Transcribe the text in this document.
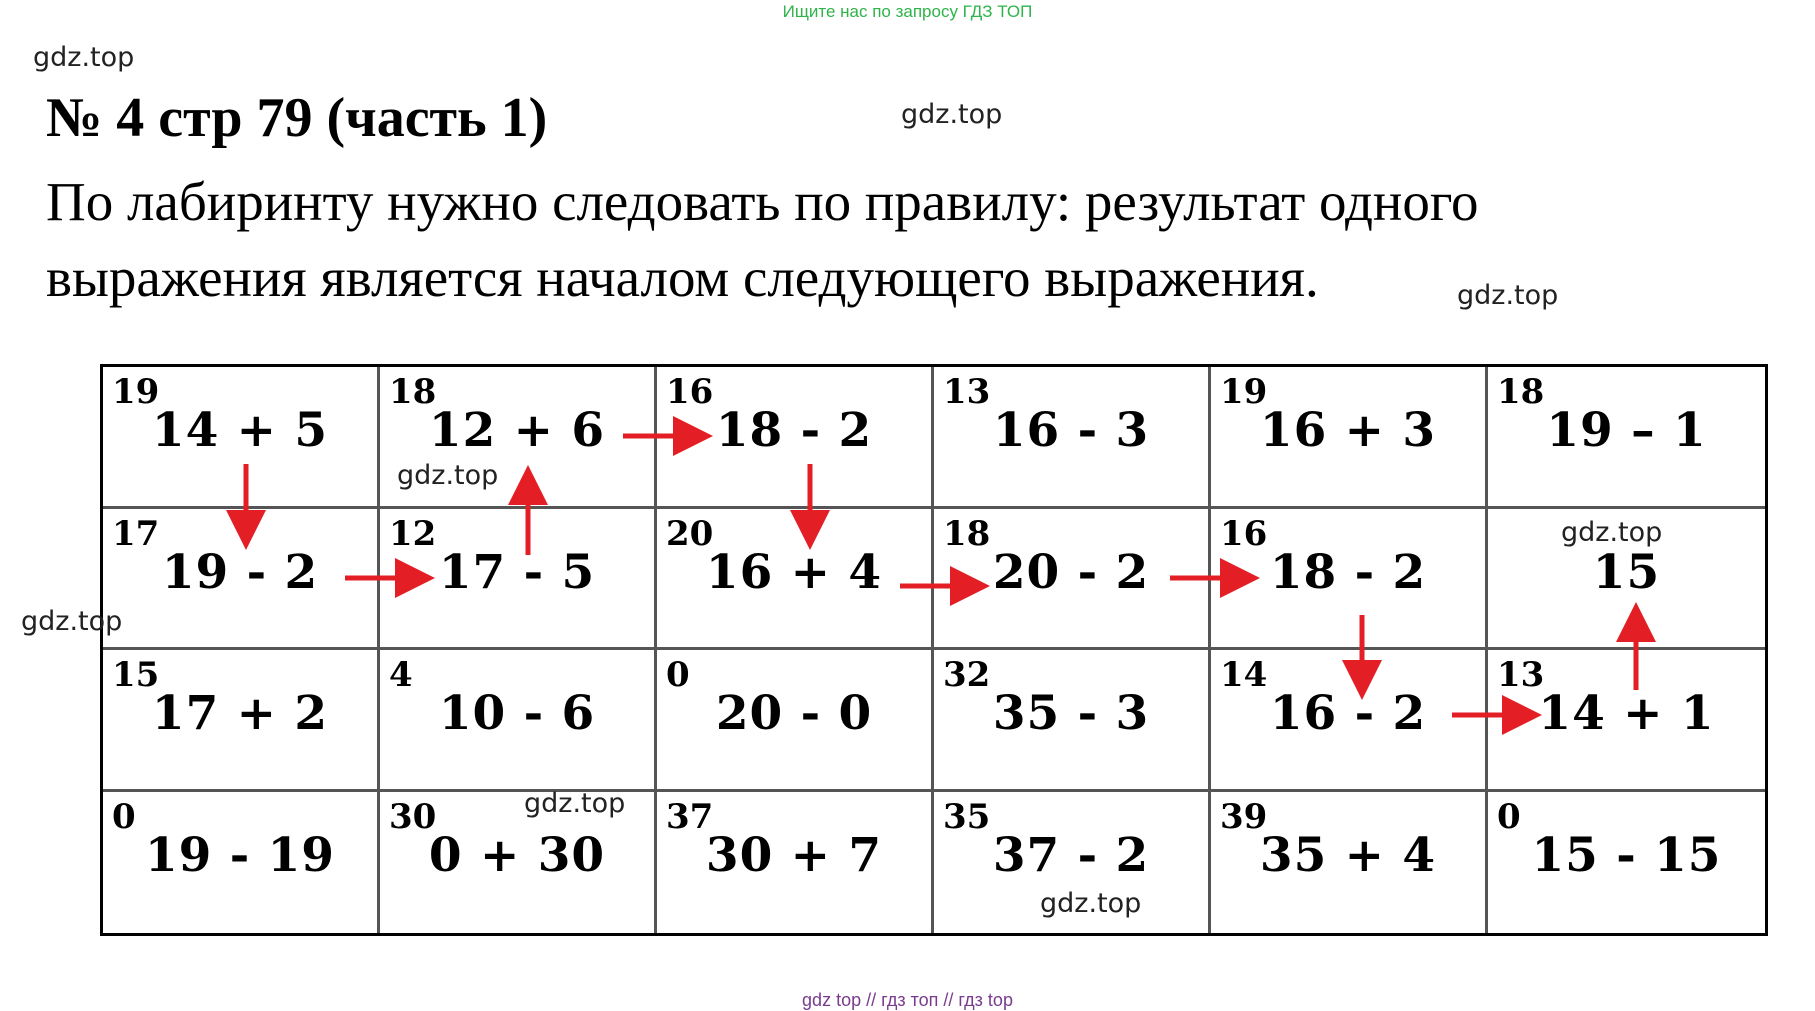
Ищите нас по запросу ГДЗ ТОП
gdz.top
gdz.top
gdz.top
№ 4 стр 79 (часть 1)
По лабиринту нужно следовать по правилу: результат одного
выражения является началом следующего выражения.
19
14 + 5
18
12 + 6
16
18 - 2
13
16 - 3
19
16 + 3
18
19 – 1
17
19 - 2
12
17 - 5
20
16 + 4
18
20 - 2
16
18 - 2	15
15
17 + 2
4
10 - 6
0
20 - 0
32
35 - 3
14
16 - 2
13
14 + 1
0
19 - 19
30
0 + 30
37
30 + 7
35
37 - 2
39
35 + 4
0
15 - 15
gdz.top
gdz.top
gdz.top
gdz.top
gdz.top
gdz top // гдз топ // гдз top
